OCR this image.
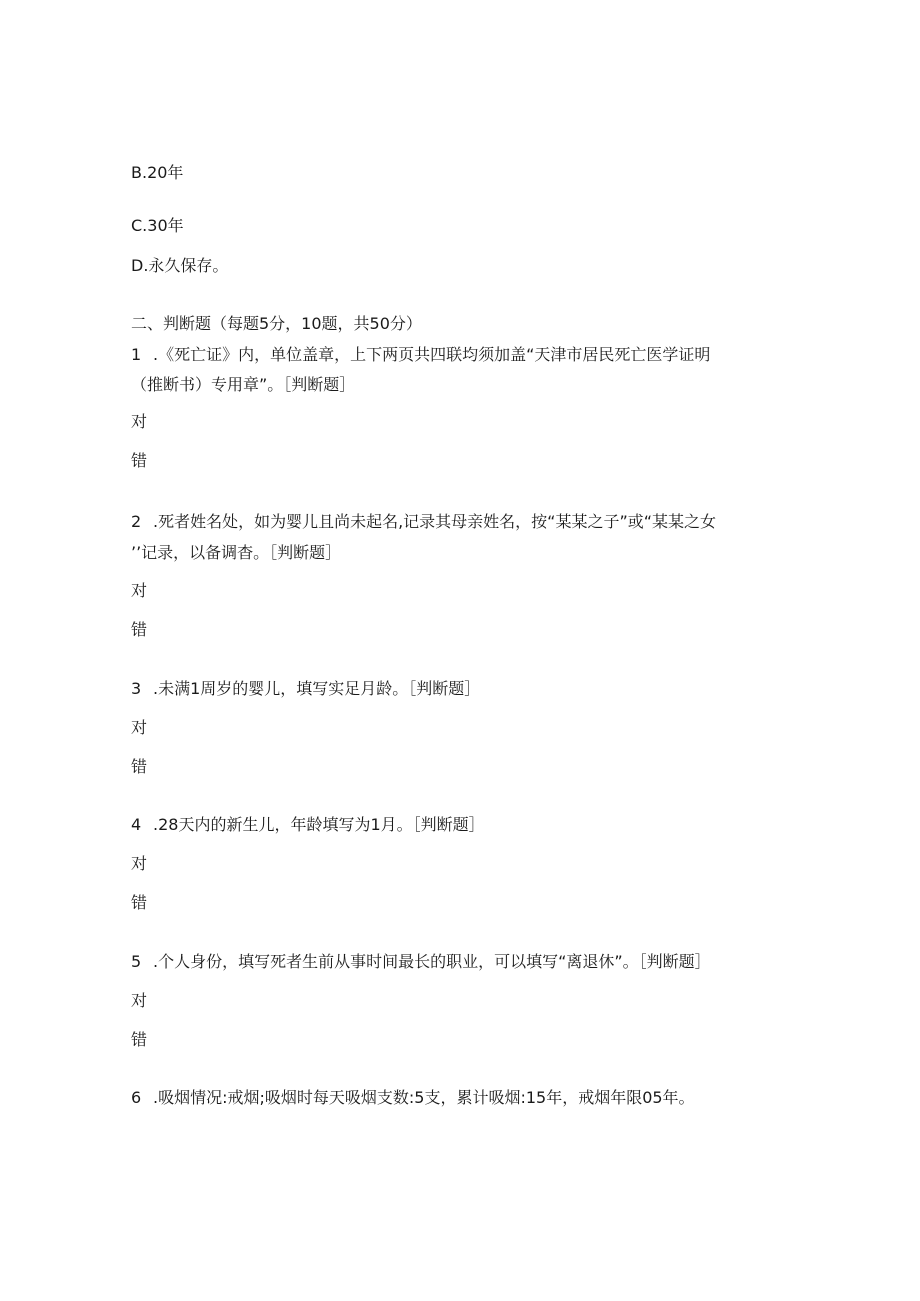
B.20年
C.30年
D.永久保存。
二、判断题（每题5分，10题，共50分）
1 .《死亡证》内，单位盖章，上下两页共四联均须加盖“天津市居民死亡医学证明
（推断书）专用章”。［判断题］
对
错
2 .死者姓名处，如为婴儿且尚未起名,记录其母亲姓名，按“某某之子”或“某某之女
’’记录，以备调杳。［判断题］
对
错
3 .未满1周岁的婴儿，填写实足月龄。［判断题］
对
错
4 .28天内的新生儿，年龄填写为1月。［判断题］
对
错
5 .个人身份，填写死者生前从事时间最长的职业，可以填写“离退休”。［判断题］
对
错
6 .吸烟情况:戒烟;吸烟时每天吸烟支数:5支，累计吸烟:15年，戒烟年限05年。
